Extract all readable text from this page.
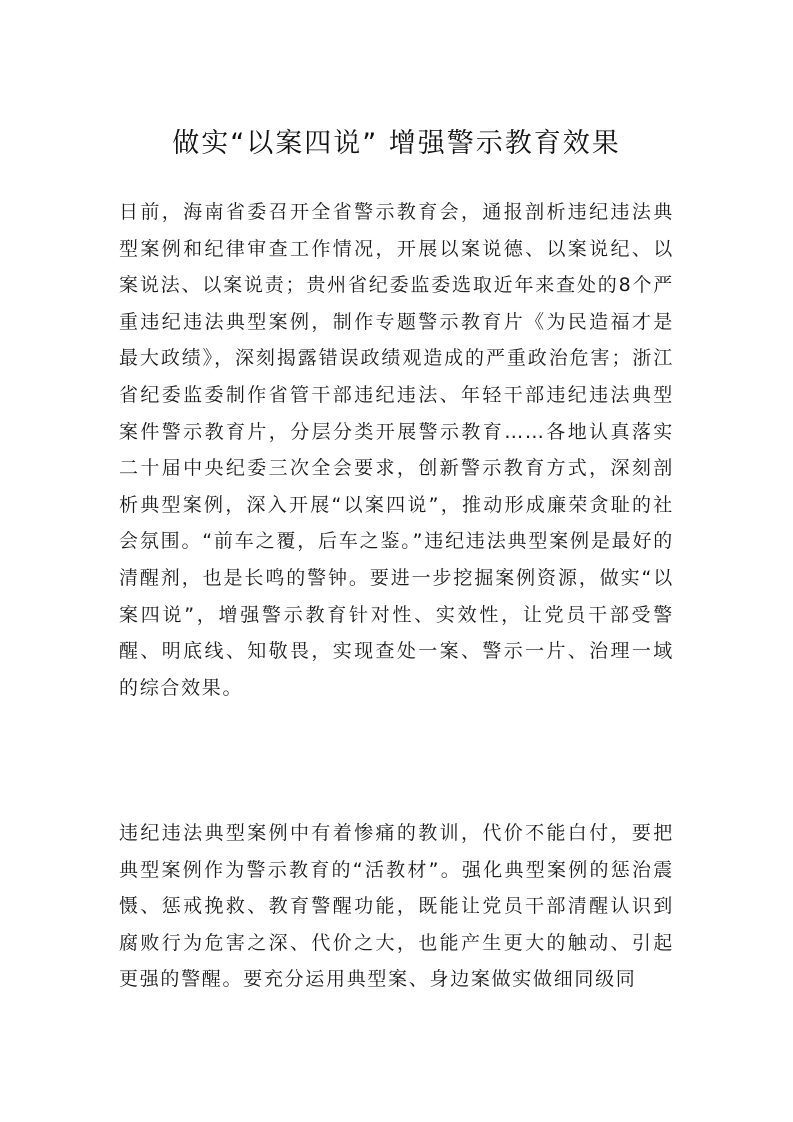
做实“以案四说” 增强警示教育效果

日前，海南省委召开全省警示教育会，通报剖析违纪违法典型案例和纪律审查工作情况，开展以案说德、以案说纪、以案说法、以案说责；贵州省纪委监委选取近年来查处的8个严重违纪违法典型案例，制作专题警示教育片《为民造福才是最大政绩》，深刻揭露错误政绩观造成的严重政治危害；浙江省纪委监委制作省管干部违纪违法、年轻干部违纪违法典型案件警示教育片，分层分类开展警示教育……各地认真落实二十届中央纪委三次全会要求，创新警示教育方式，深刻剖析典型案例，深入开展“以案四说”，推动形成廉荣贪耻的社会氛围。“前车之覆，后车之鉴。”违纪违法典型案例是最好的清醒剂，也是长鸣的警钟。要进一步挖掘案例资源，做实“以案四说”，增强警示教育针对性、实效性，让党员干部受警醒、明底线、知敬畏，实现查处一案、警示一片、治理一域的综合效果。

违纪违法典型案例中有着惨痛的教训，代价不能白付，要把典型案例作为警示教育的“活教材”。强化典型案例的惩治震慑、惩戒挽救、教育警醒功能，既能让党员干部清醒认识到腐败行为危害之深、代价之大，也能产生更大的触动、引起更强的警醒。要充分运用典型案、身边案做实做细同级同
